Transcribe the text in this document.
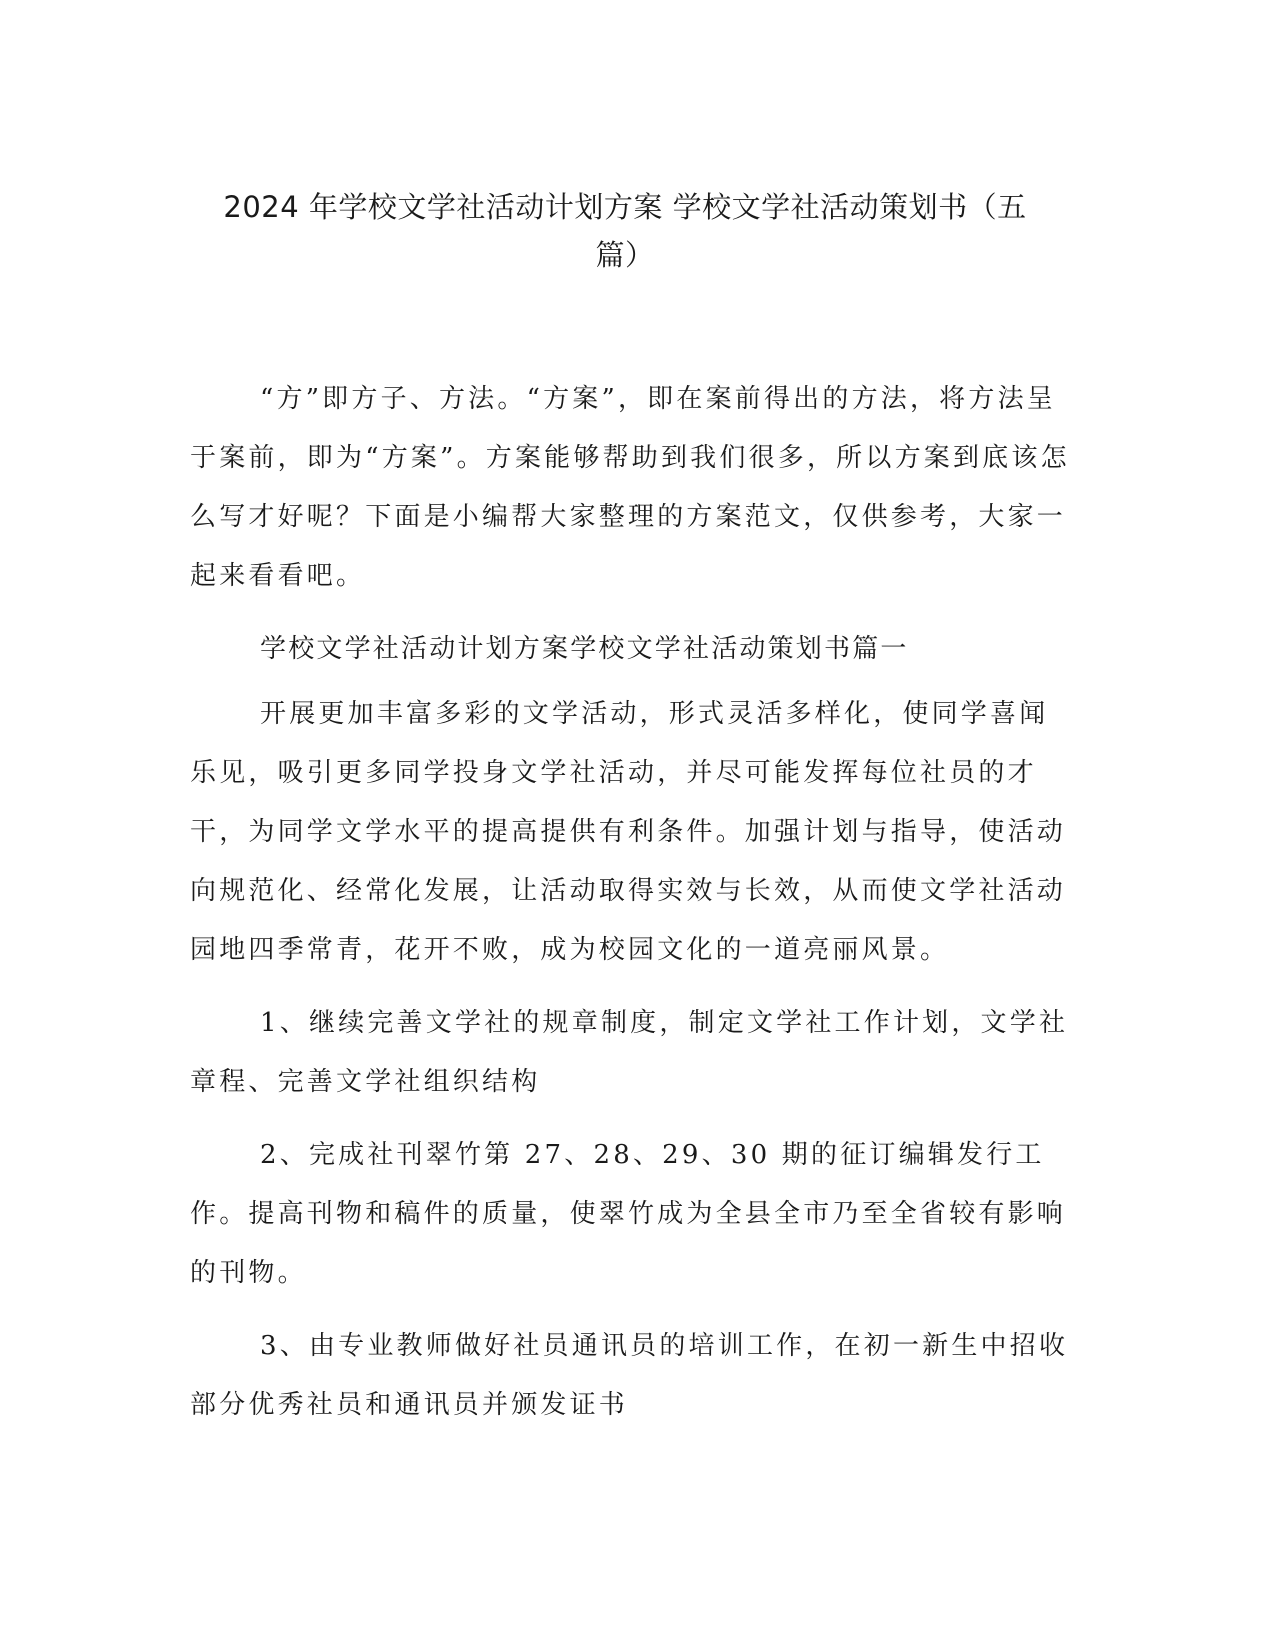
2024 年学校文学社活动计划方案 学校文学社活动策划书（五
篇）

“方”即方子、方法。“方案”，即在案前得出的方法，将方法呈于案前，即为“方案”。方案能够帮助到我们很多，所以方案到底该怎么写才好呢？下面是小编帮大家整理的方案范文，仅供参考，大家一起来看看吧。

学校文学社活动计划方案学校文学社活动策划书篇一

开展更加丰富多彩的文学活动，形式灵活多样化，使同学喜闻乐见，吸引更多同学投身文学社活动，并尽可能发挥每位社员的才干，为同学文学水平的提高提供有利条件。加强计划与指导，使活动向规范化、经常化发展，让活动取得实效与长效，从而使文学社活动园地四季常青，花开不败，成为校园文化的一道亮丽风景。

1、继续完善文学社的规章制度，制定文学社工作计划，文学社章程、完善文学社组织结构

2、完成社刊翠竹第 27、28、29、30 期的征订编辑发行工作。提高刊物和稿件的质量，使翠竹成为全县全市乃至全省较有影响的刊物。

3、由专业教师做好社员通讯员的培训工作，在初一新生中招收部分优秀社员和通讯员并颁发证书
